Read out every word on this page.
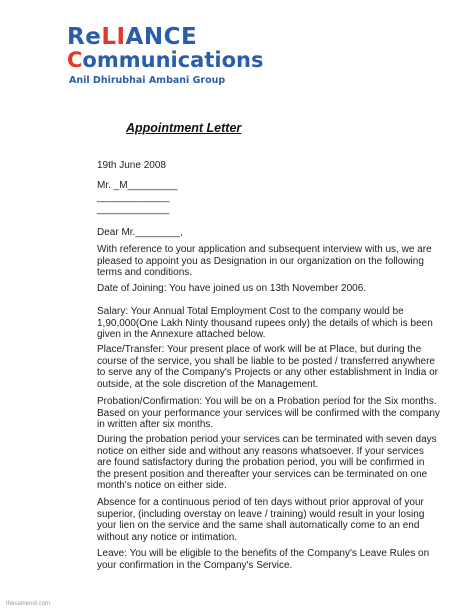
ReLIANCE
Communications
Anil Dhirubhai Ambani Group
Appointment Letter
19th June 2008
Mr. _M_________
_____________
_____________
Dear Mr.________,
With reference to your application and subsequent interview with us, we are
pleased to appoint you as Designation in our organization on the following
terms and conditions.
Date of Joining: You have joined us on 13th November 2006.
Salary: Your Annual Total Employment Cost to the company would be
1,90,000(One Lakh Ninty thousand rupees only) the details of which is been
given in the Annexure attached below.
Place/Transfer: Your present place of work will be at Place, but during the
course of the service, you shall be liable to be posted / transferred anywhere
to serve any of the Company's Projects or any other establishment in India or
outside, at the sole discretion of the Management.
Probation/Confirmation: You will be on a Probation period for the Six months.
Based on your performance your services will be confirmed with the company
in written after six months.
During the probation period your services can be terminated with seven days
notice on either side and without any reasons whatsoever. If your services
are found satisfactory during the probation period, you will be confirmed in
the present position and thereafter your services can be terminated on one
month's notice on either side.
Absence for a continuous period of ten days without prior approval of your
superior, (including overstay on leave / training) would result in your losing
your lien on the service and the same shall automatically come to an end
without any notice or intimation.
Leave: You will be eligible to the benefits of the Company's Leave Rules on
your confirmation in the Company's Service.
thecamendi.com
